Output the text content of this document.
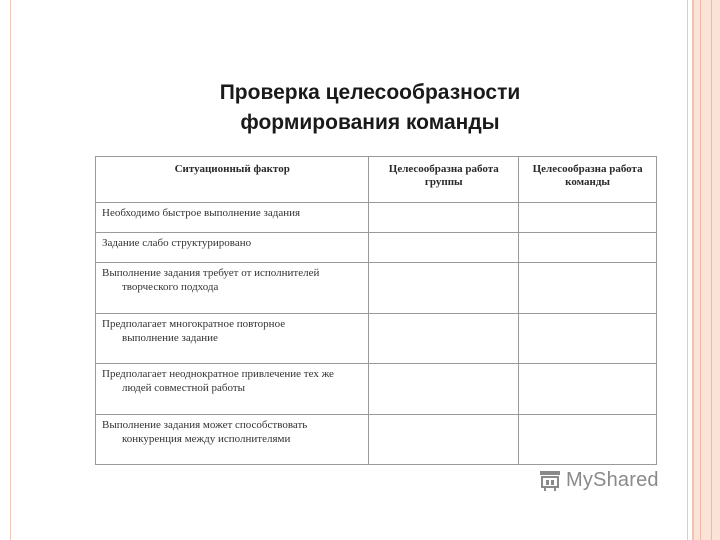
Проверка целесообразности
формирования команды
Ситуационный фактор	Целесообразна работа группы	Целесообразна работа команды
Необходимо быстрое выполнение задания		
Задание слабо структурировано		
Выполнение задания требует от исполнителей
творческого подхода		

Предполагает многократное повторное
выполнение задание		

Предполагает неоднократное привлечение тех же
людей совместной работы		

Выполнение задания может способствовать
конкуренция между исполнителями		

MyShared
